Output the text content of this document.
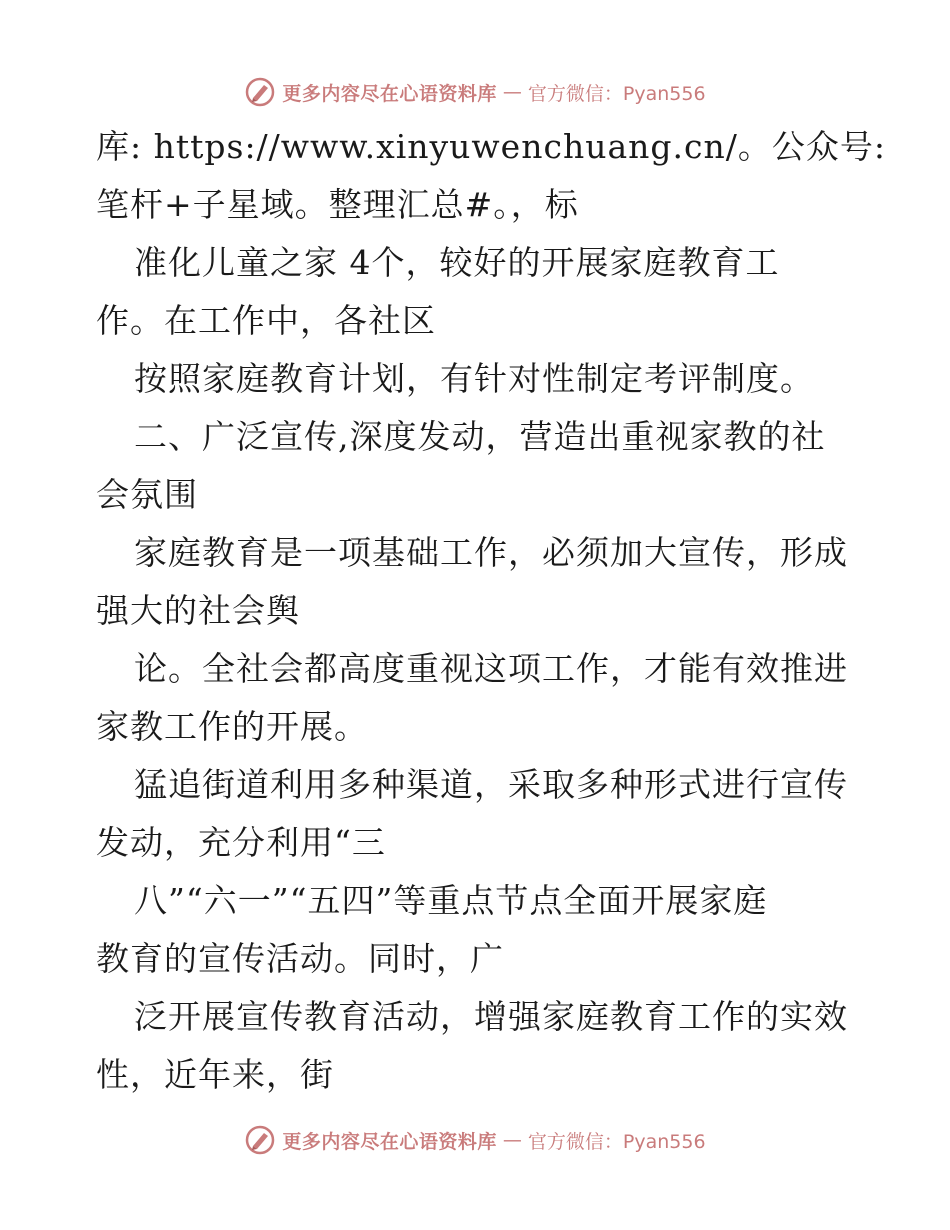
更多内容尽在心语资料库 — 官方微信：Pyan556
库: https://www.xinyuwenchuang.cn/。公众号:
笔杆+子星域。整理汇总#。，标
准化儿童之家 4个，较好的开展家庭教育工
作。在工作中，各社区
按照家庭教育计划，有针对性制定考评制度。
二、广泛宣传,深度发动，营造出重视家教的社
会氛围
家庭教育是一项基础工作，必须加大宣传，形成
强大的社会舆
论。全社会都高度重视这项工作，才能有效推进
家教工作的开展。
猛追街道利用多种渠道，采取多种形式进行宣传
发动，充分利用“三
八”“六一”“五四”等重点节点全面开展家庭
教育的宣传活动。同时，广
泛开展宣传教育活动，增强家庭教育工作的实效
性，近年来，街
更多内容尽在心语资料库 — 官方微信：Pyan556
